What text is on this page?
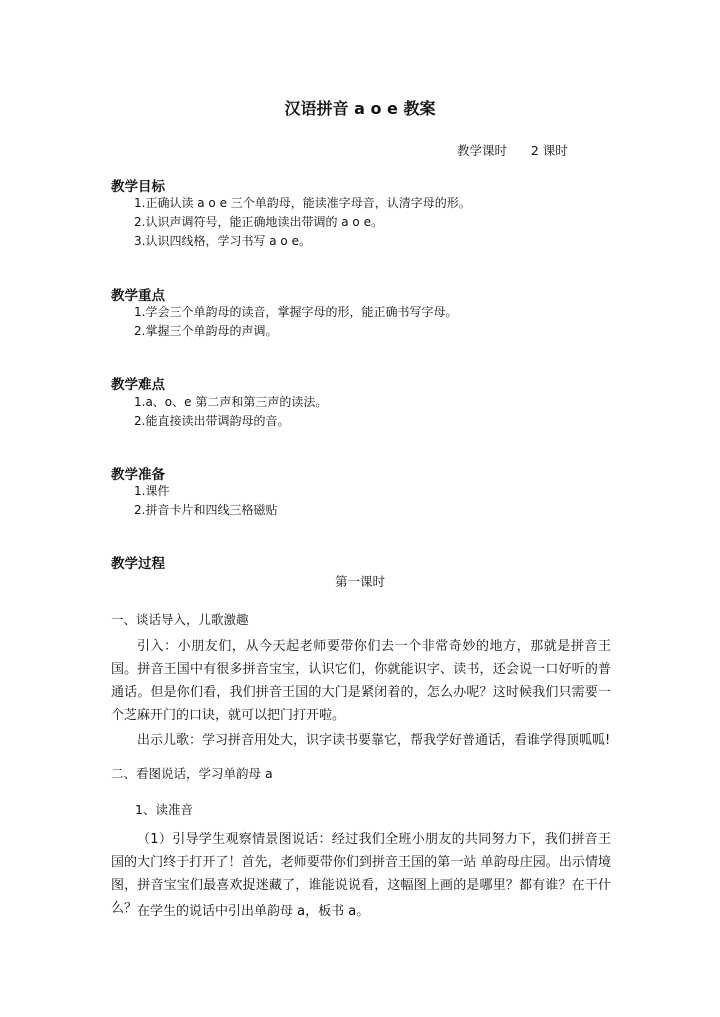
汉语拼音 a o e 教案
教学课时 2 课时
教学目标
1.正确认读 a o e 三个单韵母，能读准字母音，认清字母的形。
2.认识声调符号，能正确地读出带调的 a o e。
3.认识四线格，学习书写 a o e。
教学重点
1.学会三个单韵母的读音，掌握字母的形，能正确书写字母。
2.掌握三个单韵母的声调。
教学难点
1.a、o、e 第二声和第三声的读法。
2.能直接读出带调韵母的音。
教学准备
1.课件
2.拼音卡片和四线三格磁贴
教学过程
第一课时
一、谈话导入，儿歌激趣
引入：小朋友们，从今天起老师要带你们去一个非常奇妙的地方，那就是拼音王国。拼音王国中有很多拼音宝宝，认识它们，你就能识字、读书，还会说一口好听的普通话。但是你们看，我们拼音王国的大门是紧闭着的，怎么办呢？这时候我们只需要一个芝麻开门的口诀，就可以把门打开啦。
出示儿歌：学习拼音用处大，识字读书要靠它，帮我学好普通话，看谁学得顶呱呱!
二、看图说话，学习单韵母 a
1、读准音
（1）引导学生观察情景图说话：经过我们全班小朋友的共同努力下，我们拼音王国的大门终于打开了！首先，老师要带你们到拼音王国的第一站 单韵母庄园。出示情境图，拼音宝宝们最喜欢捉迷藏了，谁能说说看，这幅图上画的是哪里？都有谁？在干什么？ 在学生的说话中引出单韵母 a，板书 a。
